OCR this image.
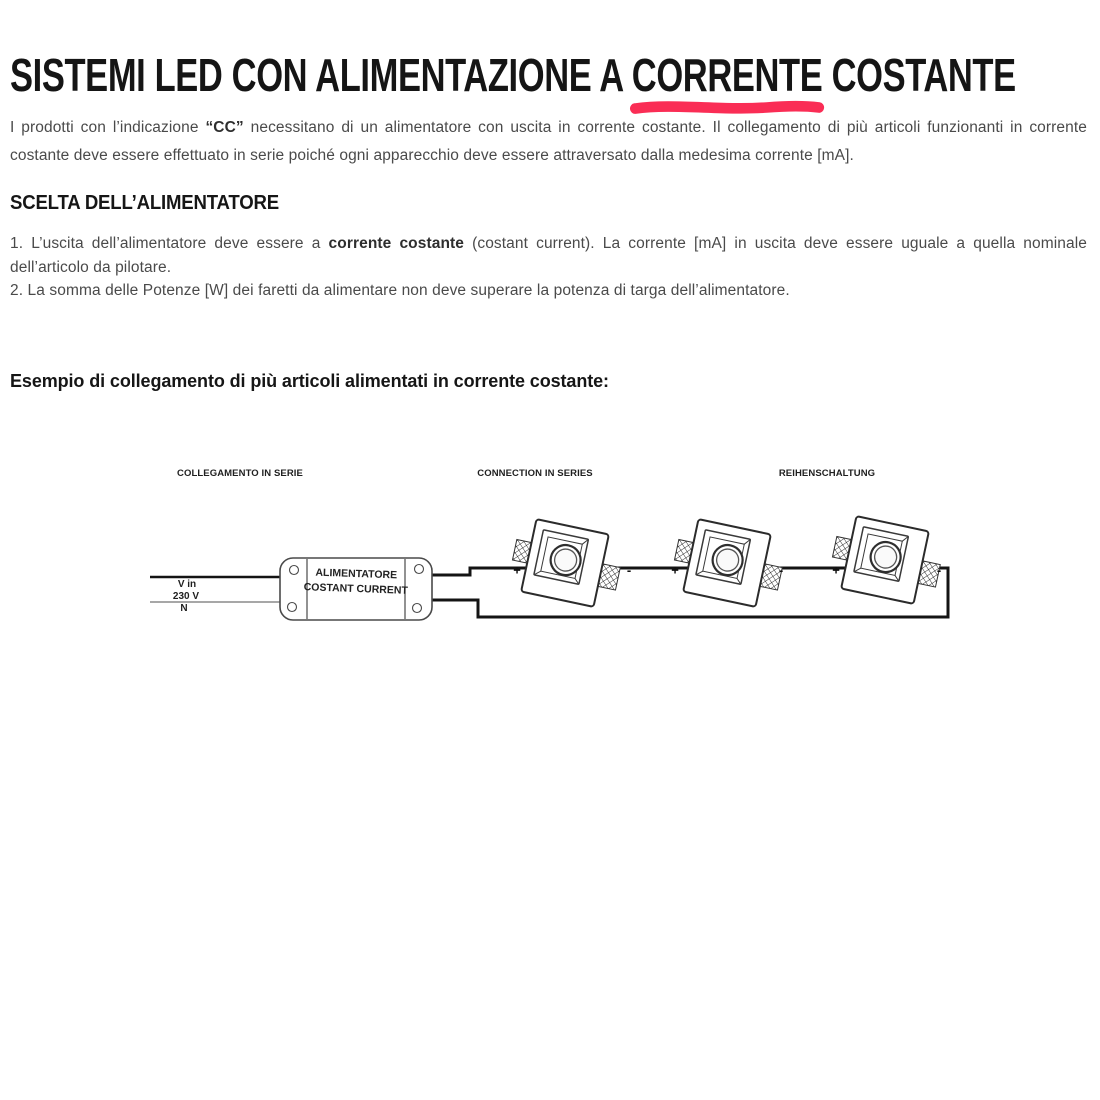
SISTEMI LED CON ALIMENTAZIONE A CORRENTE
COSTANTE

I prodotti con l’indicazione “CC” necessitano di un alimentatore con uscita in corrente costante. Il collegamento di più articoli funzionanti in corrente costante deve essere effettuato in serie poiché ogni apparecchio deve essere attraversato dalla medesima corrente [mA].

SCELTA DELL’ALIMENTATORE

1. L’uscita dell’alimentatore deve essere a corrente costante (costant current). La corrente [mA] in uscita deve essere uguale a quella nominale dell’articolo da pilotare.

2. La somma delle Potenze [W] dei faretti da alimentare non deve superare la potenza di targa dell’alimentatore.

Esempio di collegamento di più articoli alimentati in corrente costante:
COLLEGAMENTO IN SERIE	CONNECTION IN SERIES	REIHENSCHALTUNG
V in
230 V
N
ALIMENTATORE
COSTANT CURRENT
+	-	+	-	+	-
